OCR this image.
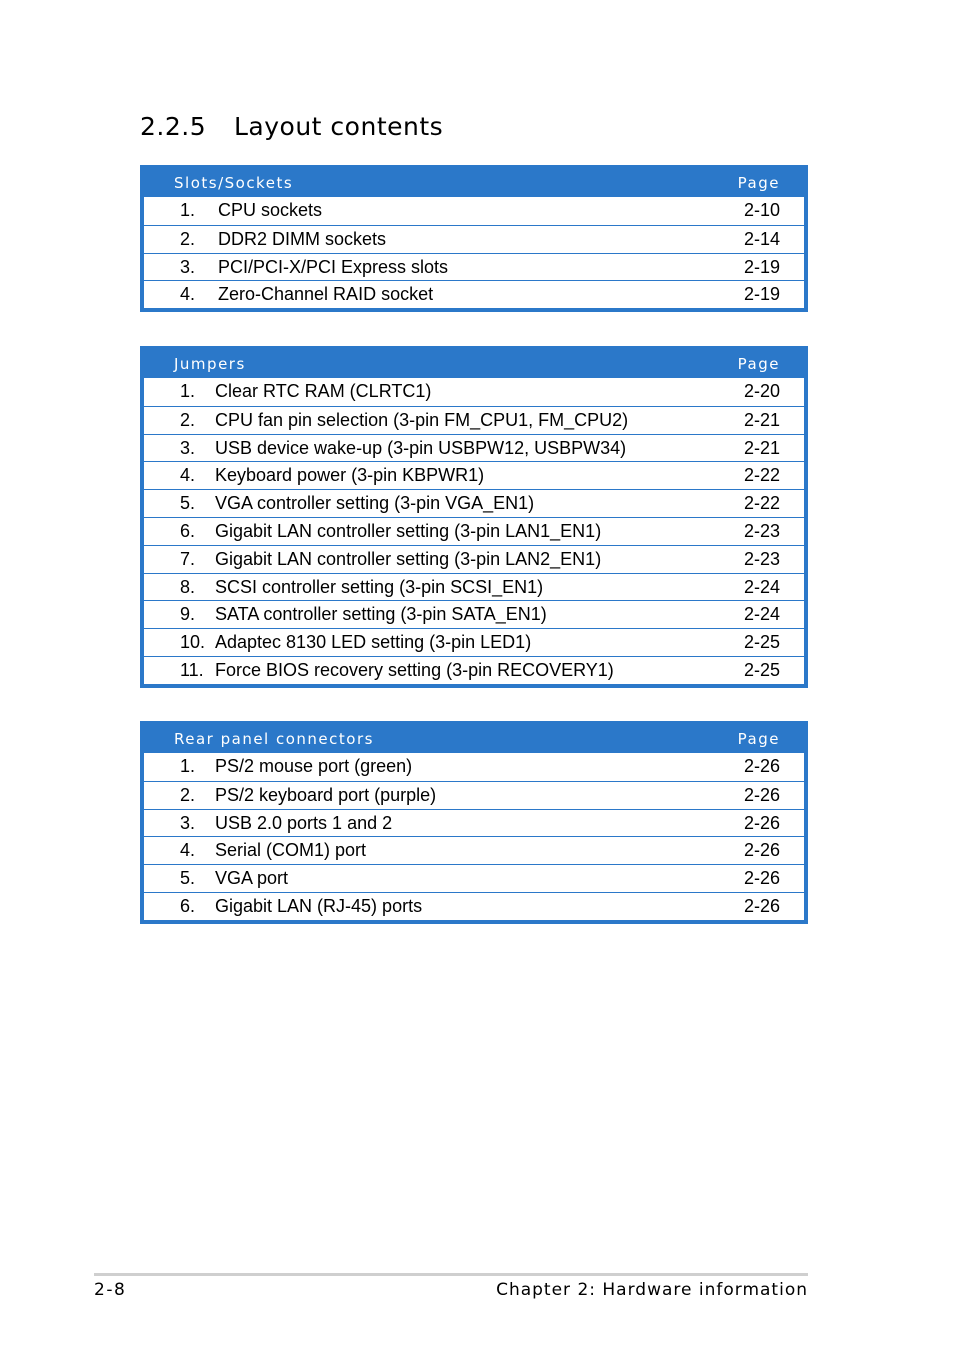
2.2.5 Layout contents
Slots/Sockets	Page
1. CPU sockets	2-10
2. DDR2 DIMM sockets	2-14
3. PCI/PCI-X/PCI Express slots	2-19
4. Zero-Channel RAID socket	2-19
Jumpers	Page
1. Clear RTC RAM (CLRTC1)	2-20
2. CPU fan pin selection (3-pin FM_CPU1, FM_CPU2)	2-21
3. USB device wake-up (3-pin USBPW12, USBPW34)	2-21
4. Keyboard power (3-pin KBPWR1)	2-22
5. VGA controller setting (3-pin VGA_EN1)	2-22
6. Gigabit LAN controller setting (3-pin LAN1_EN1)	2-23
7. Gigabit LAN controller setting (3-pin LAN2_EN1)	2-23
8. SCSI controller setting (3-pin SCSI_EN1)	2-24
9. SATA controller setting (3-pin SATA_EN1)	2-24
10. Adaptec 8130 LED setting (3-pin LED1)	2-25
11. Force BIOS recovery setting (3-pin RECOVERY1)	2-25
Rear panel connectors	Page
1. PS/2 mouse port (green)	2-26
2. PS/2 keyboard port (purple)	2-26
3. USB 2.0 ports 1 and 2	2-26
4. Serial (COM1) port	2-26
5. VGA port	2-26
6. Gigabit LAN (RJ-45) ports	2-26
2-8	Chapter 2: Hardware information
